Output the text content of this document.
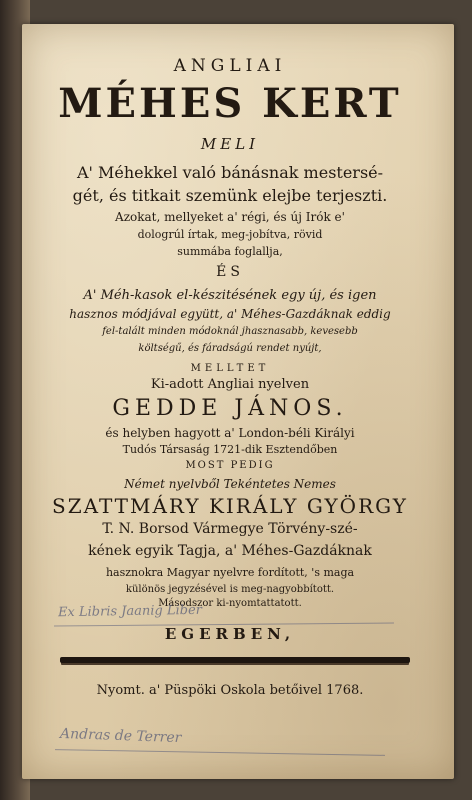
ANGLIAI
MÉHES KERT
MELI
A' Méhekkel való bánásnak mestersé-
gét, és titkait szemünk elejbe terjeszti.
Azokat, mellyeket a' régi, és új Irók e'
dologrúl írtak, meg-jobítva, rövid
summába foglallja,
ÉS
A' Méh-kasok el-készitésének egy új, és igen
hasznos módjával együtt, a' Méhes-Gazdáknak eddig
fel-talált minden módoknál jhasznasabb, kevesebb
költségű, és fáradságú rendet nyújt,
MELLTET
Ki-adott Angliai nyelven
GEDDE JÁNOS.
és helyben hagyott a' London-béli Királyi
Tudós Társaság 1721-dik Esztendőben
MOST PEDIG
Német nyelvből Tekéntetes Nemes
SZATTMÁRY KIRÁLY GYÖRGY
T. N. Borsod Vármegye Törvény-szé-
kének egyik Tagja, a' Méhes-Gazdáknak
hasznokra Magyar nyelvre fordított, 's maga
különös jegyzésével is meg-nagyobbított.
Másodszor ki-nyomtattatott.
Ex Libris Jaanig Liber
EGERBEN,
Nyomt. a' Püspöki Oskola betőivel 1768.
Andras de Terrer
